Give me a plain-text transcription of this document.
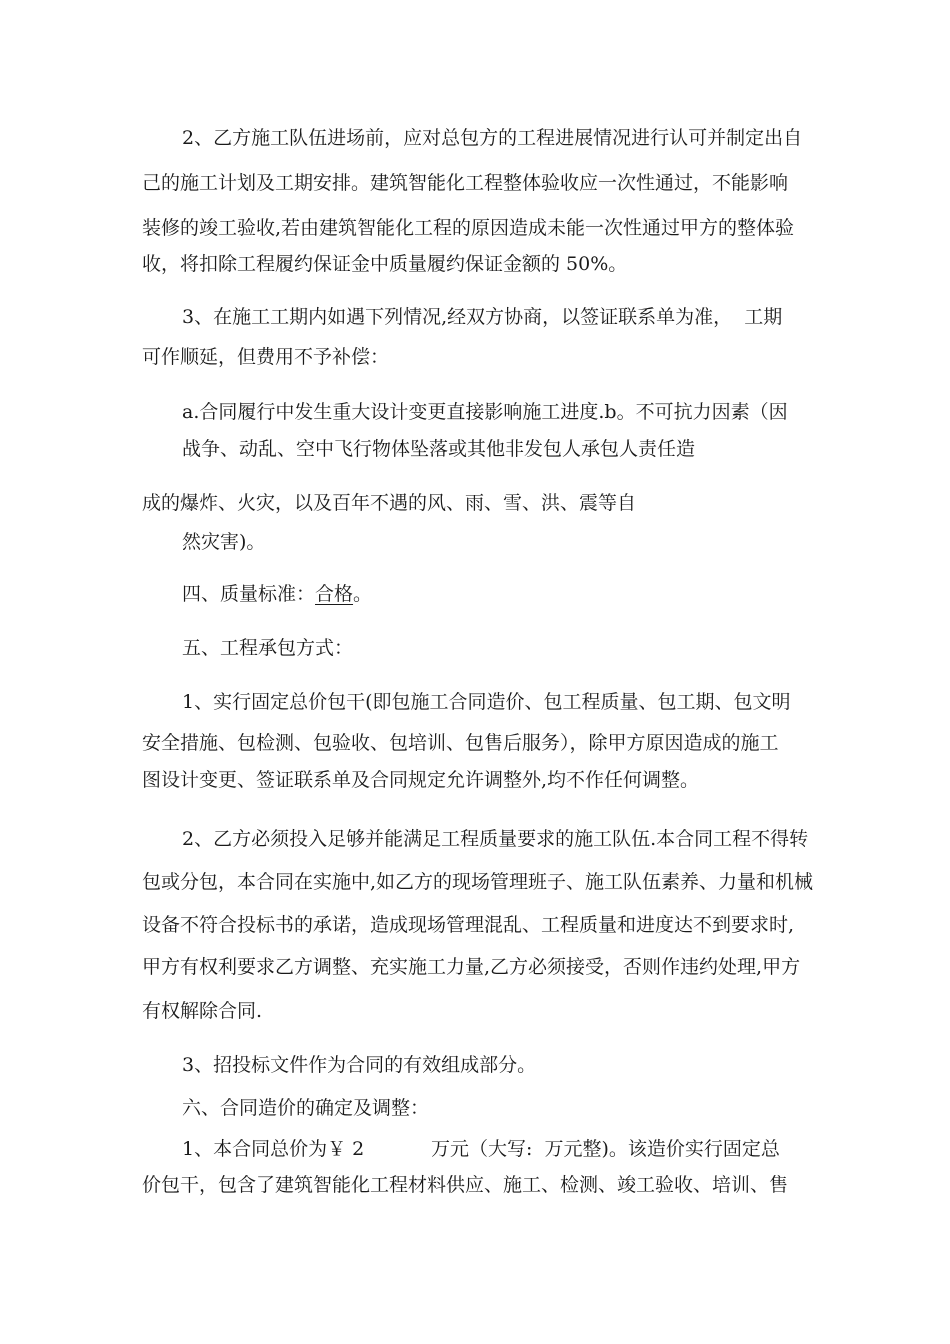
2、乙方施工队伍进场前，应对总包方的工程进展情况进行认可并制定出自
己的施工计划及工期安排。建筑智能化工程整体验收应一次性通过，不能影响
装修的竣工验收,若由建筑智能化工程的原因造成未能一次性通过甲方的整体验
收，将扣除工程履约保证金中质量履约保证金额的 50%。
3、在施工工期内如遇下列情况,经双方协商，以签证联系单为准，  工期
可作顺延，但费用不予补偿：
a.合同履行中发生重大设计变更直接影响施工进度.b。不可抗力因素（因
战争、动乱、空中飞行物体坠落或其他非发包人承包人责任造
成的爆炸、火灾，以及百年不遇的风、雨、雪、洪、震等自
然灾害)。
四、质量标准：合格。
五、工程承包方式：
1、实行固定总价包干(即包施工合同造价、包工程质量、包工期、包文明
安全措施、包检测、包验收、包培训、包售后服务），除甲方原因造成的施工
图设计变更、签证联系单及合同规定允许调整外,均不作任何调整。
2、乙方必须投入足够并能满足工程质量要求的施工队伍.本合同工程不得转
包或分包，本合同在实施中,如乙方的现场管理班子、施工队伍素养、力量和机械
设备不符合投标书的承诺，造成现场管理混乱、工程质量和进度达不到要求时,
甲方有权利要求乙方调整、充实施工力量,乙方必须接受，否则作违约处理,甲方
有权解除合同.
3、招投标文件作为合同的有效组成部分。
六、合同造价的确定及调整：
1、本合同总价为￥ 2	万元（大写:  万元整)。该造价实行固定总
价包干，包含了建筑智能化工程材料供应、施工、检测、竣工验收、培训、售
